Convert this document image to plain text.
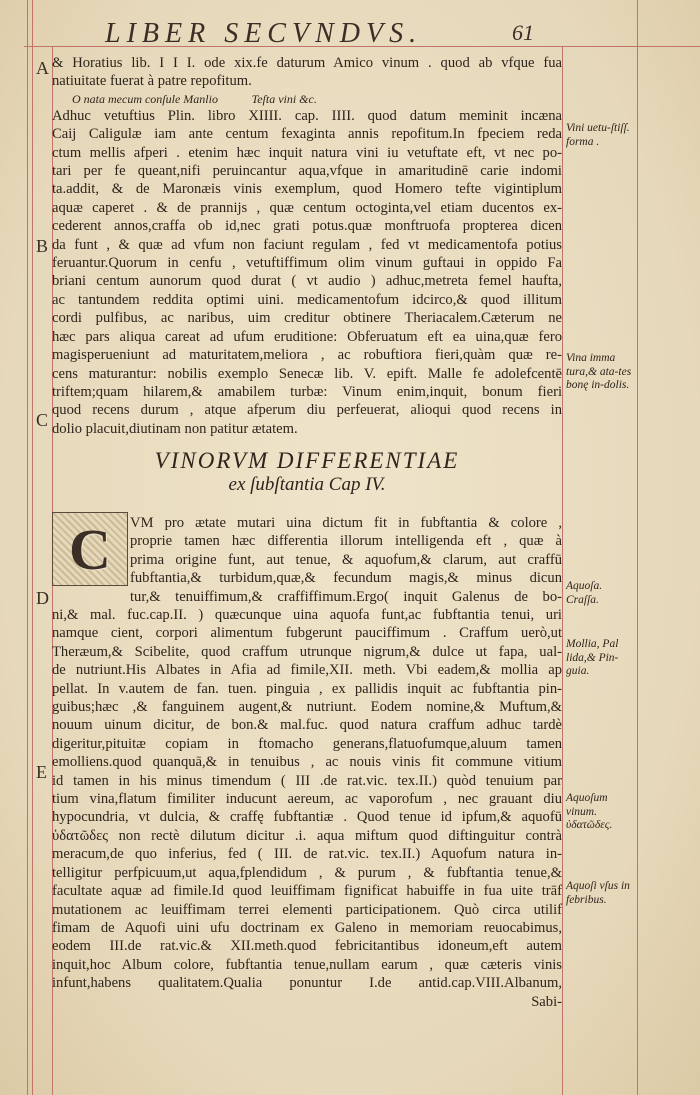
LIBER SECVNDVS.	61
A
B
C
D
E
& Horatius lib. I I I. ode xix.fe daturum Amico vinum . quod ab vfque fua
natiuitate fuerat à patre repofitum.
O nata mecum conſule Manlio	Teſta vini &c.
Adhuc vetuftius Plin. libro XIIII. cap. IIII. quod datum meminit incæna
Caij Caligulæ iam ante centum fexaginta annis repofitum.In fpeciem reda
ctum mellis afperi . etenim hæc inquit natura vini iu vetuftate eft, vt nec po-
tari per fe queant,nifi peruincantur aqua,vfque in amaritudinē carie indomi
ta.addit, & de Maronæis vinis exemplum, quod Homero tefte vigintiplum
aquæ caperet . & de prannijs , quæ centum octoginta,vel etiam ducentos ex-
cederent annos,craffa ob id,nec grati potus.quæ monftruofa propterea dicen
da funt , & quæ ad vfum non faciunt regulam , fed vt medicamentofa potius
feruantur.Quorum in cenfu , vetuftiffimum olim vinum guftaui in oppido Fa
briani centum aunorum quod durat ( vt audio ) adhuc,metreta femel haufta,
ac tantundem reddita optimi uini. medicamentofum idcirco,& quod illitum
cordi pulfibus, ac naribus, uim creditur obtinere Theriacalem.Cæterum ne
hæc pars aliqua careat ad ufum eruditione: Obferuatum eft ea uina,quæ fero
magisperueniunt ad maturitatem,meliora , ac robuftiora fieri,quàm quæ re-
cens maturantur: nobilis exemplo Senecæ lib. V. epift. Malle fe adolefcentē
triftem;quam hilarem,& amabilem turbæ: Vinum enim,inquit, bonum fieri
quod recens durum , atque afperum diu perfeuerat, alioqui quod recens in
dolio placuit,diutinam non patitur ætatem.
VINORVM DIFFERENTIAE
ex ſubſtantia Cap IV.
C VM pro ætate mutari uina dictum fit in fubftantia & colore ,
proprie tamen hæc differentia illorum intelligenda eft , quæ à
prima origine funt, aut tenue, & aquofum,& clarum, aut craffū
fubftantia,& turbidum,quæ,& fecundum magis,& minus dicun
tur,& tenuiffimum,& craffiffimum.Ergo( inquit Galenus de bo-
ni,& mal. fuc.cap.II. ) quæcunque uina aquofa funt,ac fubftantia tenui, uri
namque cient, corpori alimentum fubgerunt pauciffimum . Craffum uerò,ut
Theræum,& Scibelite, quod craffum utrunque nigrum,& dulce ut fapa, ual-
de nutriunt.His Albates in Afia ad fimile,XII. meth. Vbi eadem,& mollia ap
pellat. In v.autem de fan. tuen. pinguia , ex pallidis inquit ac fubftantia pin-
guibus;hæc ,& fanguinem augent,& nutriunt. Eodem nomine,& Muftum,&
nouum uinum dicitur, de bon.& mal.fuc. quod natura craffum adhuc tardè
digeritur,pituitæ copiam in ftomacho generans,flatuofumque,aluum tamen
emolliens.quod quanquā,& in tenuibus , ac nouis vinis fit commune vitium
id tamen in his minus timendum ( III .de rat.vic. tex.II.) quòd tenuium par
tium vina,flatum fimiliter inducunt aereum, ac vaporofum , nec grauant diu
hypocundria, vt dulcia, & craffę fubftantiæ . Quod tenue id ipfum,& aquofū
ὑδατῶδες non rectè dilutum dicitur .i. aqua miftum quod diftinguitur contrà
meracum,de quo inferius, fed ( III. de rat.vic. tex.II.) Aquofum natura in-
telligitur perfpicuum,ut aqua,fplendidum , & purum , & fubftantia tenue,&
facultate aquæ ad fimile.Id quod leuiffimam fignificat habuiffe in fua uite trāf
mutationem ac leuiffimam terrei elementi participationem. Quò circa utilif
fimam de Aquofi uini ufu doctrinam ex Galeno in memoriam reuocabimus,
eodem III.de rat.vic.& XII.meth.quod febricitantibus idoneum,eft autem
inquit,hoc Album colore, fubftantia tenue,nullam earum , quæ cæteris vinis
infunt,habens qualitatem.Qualia ponuntur I.de antid.cap.VIII.Albanum,
Sabi-
Vini uetu-ſtiſſ. forma .
Vina imma tura,& ata-tes bonę in-dolis.
Aquoſa. Craſſa.
Mollia, Pal lida,& Pin-guia.
Aquoſum vinum. ὑδατῶδες.
Aquoſi vſus in febribus.
